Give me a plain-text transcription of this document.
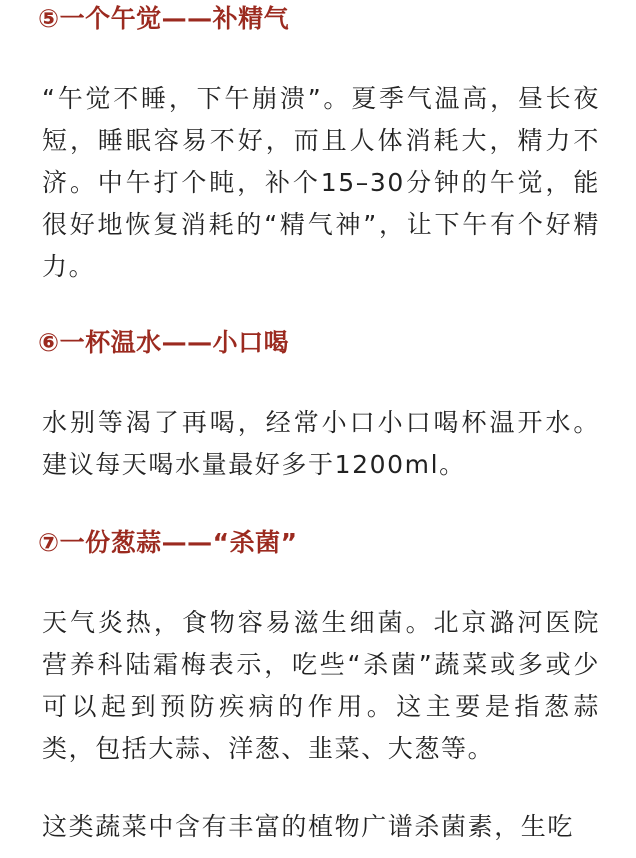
⑤一个午觉——补精气

“午觉不睡，下午崩溃”。夏季气温高，昼长夜短，睡眠容易不好，而且人体消耗大，精力不济。中午打个盹，补个15–30分钟的午觉，能很好地恢复消耗的“精气神”，让下午有个好精力。

⑥一杯温水——小口喝

水别等渴了再喝，经常小口小口喝杯温开水。建议每天喝水量最好多于1200ml。

⑦一份葱蒜——“杀菌”

天气炎热，食物容易滋生细菌。北京潞河医院营养科陆霜梅表示，吃些“杀菌”蔬菜或多或少可以起到预防疾病的作用。这主要是指葱蒜类，包括大蒜、洋葱、韭菜、大葱等。

这类蔬菜中含有丰富的植物广谱杀菌素，生吃
